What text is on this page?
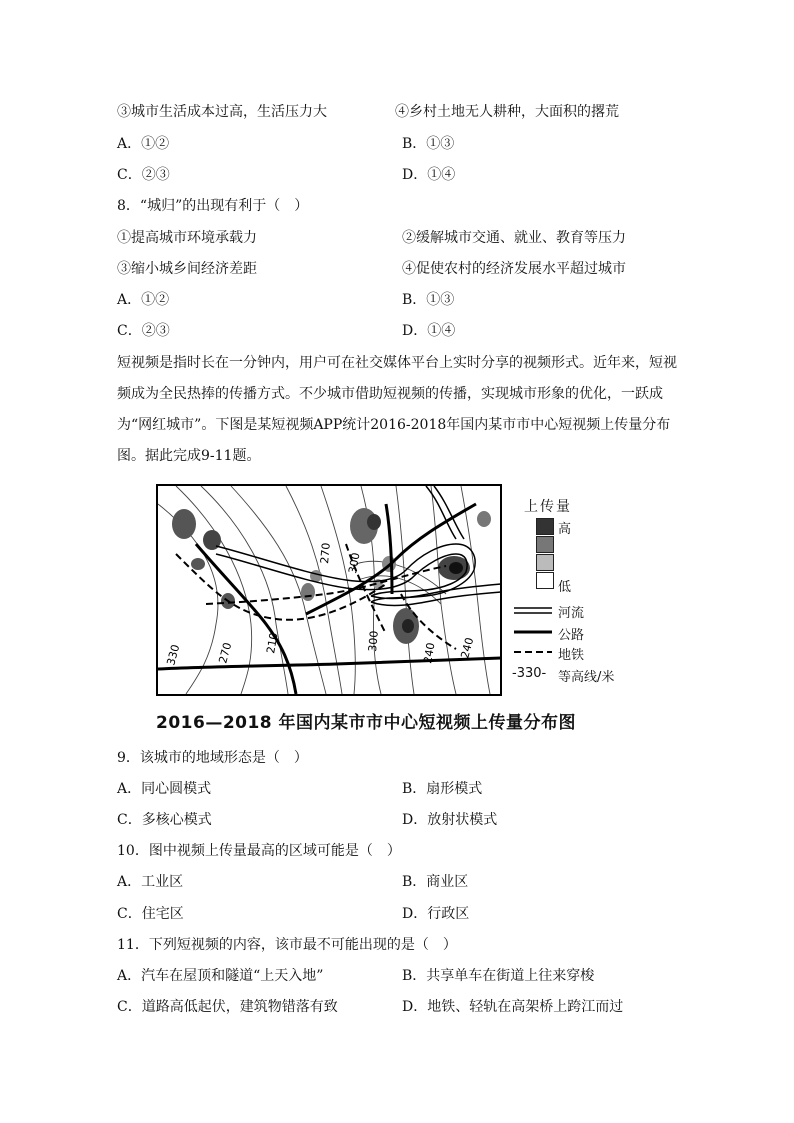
③城市生活成本过高，生活压力大	④乡村土地无人耕种，大面积的撂荒
A．①②	B．①③
C．②③	D．①④
8．“城归”的出现有利于（　）
①提高城市环境承载力	②缓解城市交通、就业、教育等压力
③缩小城乡间经济差距	④促使农村的经济发展水平超过城市
A．①②	B．①③
C．②③	D．①④
短视频是指时长在一分钟内，用户可在社交媒体平台上实时分享的视频形式。近年来，短视频成为全民热捧的传播方式。不少城市借助短视频的传播，实现城市形象的优化，一跃成为“网红城市”。下图是某短视频APP统计2016-2018年国内某市市中心短视频上传量分布图。据此完成9-11题。
330	270	210
270 300
300
240 240
上传量
高
低
河流
公路
地铁
-330- 等高线/米
2016—2018 年国内某市市中心短视频上传量分布图
9．该城市的地域形态是（　）
A．同心圆模式	B．扇形模式
C．多核心模式	D．放射状模式
10．图中视频上传量最高的区域可能是（　）
A．工业区	B．商业区
C．住宅区	D．行政区
11．下列短视频的内容，该市最不可能出现的是（　）
A．汽车在屋顶和隧道“上天入地”	B．共享单车在街道上往来穿梭
C．道路高低起伏，建筑物错落有致	D．地铁、轻轨在高架桥上跨江而过
